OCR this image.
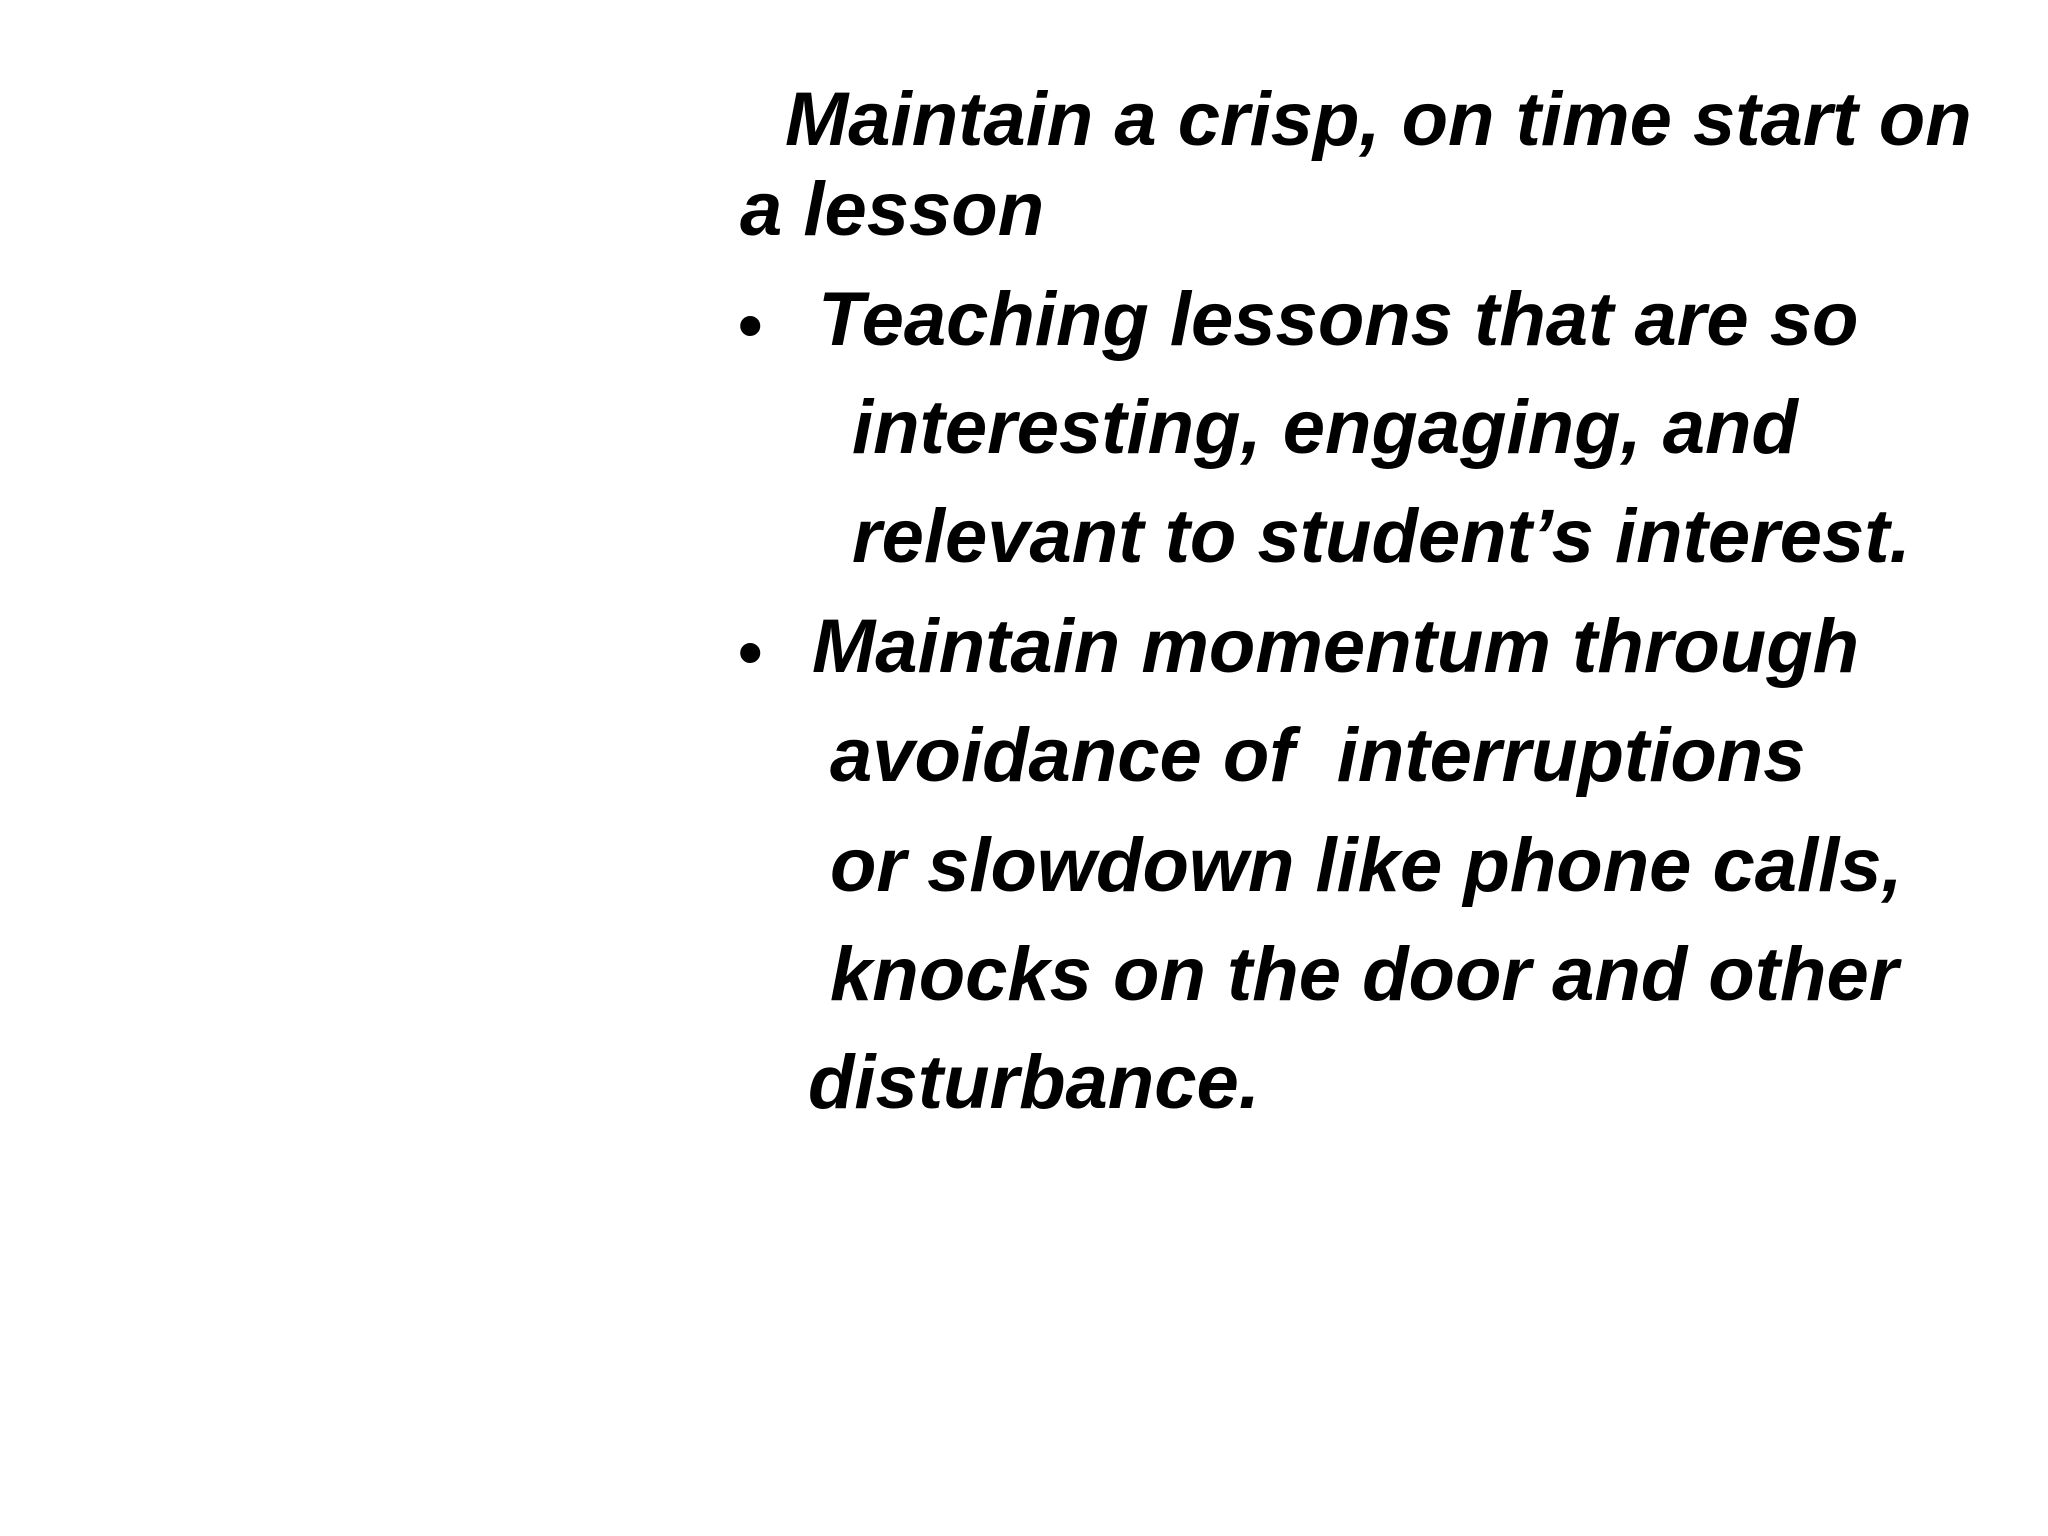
Maintain a crisp, on time start on

a lesson

• Teaching lessons that are so

interesting, engaging, and

relevant to student’s interest.

• Maintain momentum through

avoidance of  interruptions

or slowdown like phone calls,

knocks on the door and other

disturbance.
